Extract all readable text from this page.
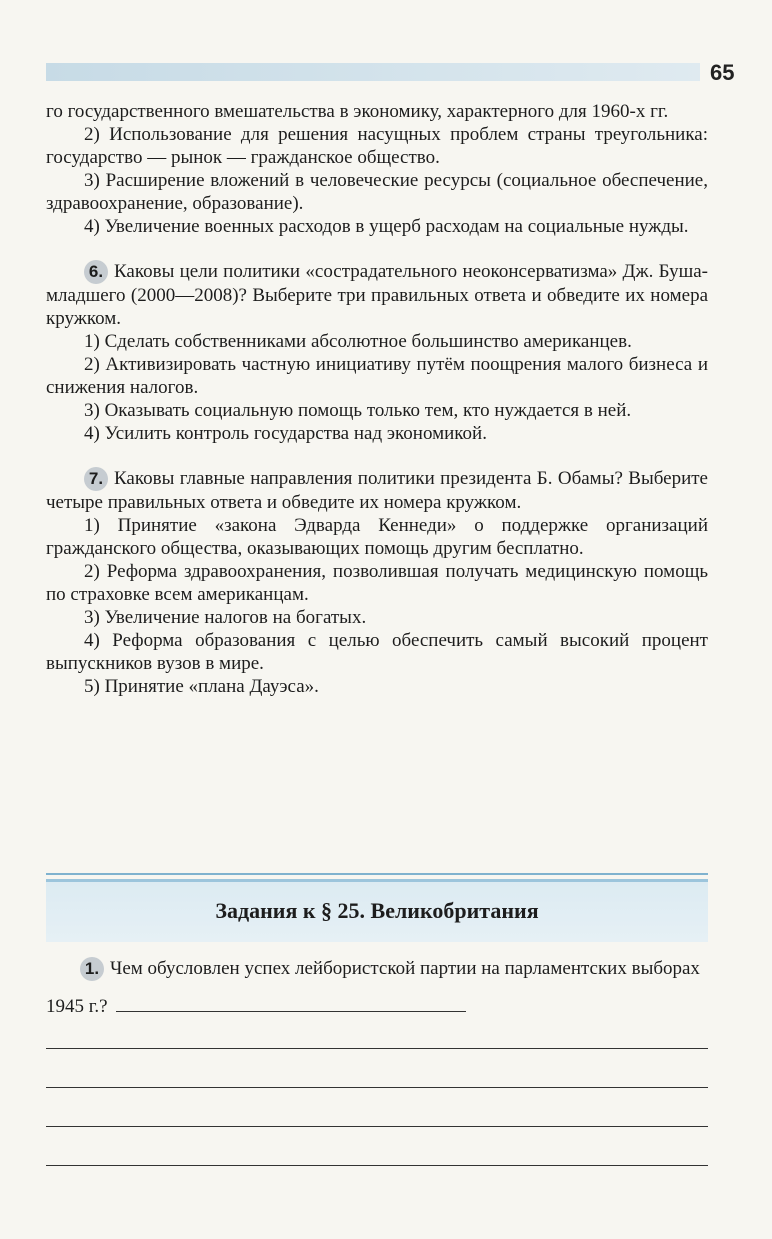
65

го государственного вмешательства в экономику, характерного для 1960-х гг.

2) Использование для решения насущных проблем страны треугольника: государство — рынок — гражданское общество.

3) Расширение вложений в человеческие ресурсы (социальное обеспечение, здравоохранение, образование).

4) Увеличение военных расходов в ущерб расходам на социальные нужды.

6. Каковы цели политики «сострадательного неоконсерватизма» Дж. Буша-младшего (2000—2008)? Выберите три правильных ответа и обведите их номера кружком.

1) Сделать собственниками абсолютное большинство американцев.

2) Активизировать частную инициативу путём поощрения малого бизнеса и снижения налогов.

3) Оказывать социальную помощь только тем, кто нуждается в ней.

4) Усилить контроль государства над экономикой.

7. Каковы главные направления политики президента Б. Обамы? Выберите четыре правильных ответа и обведите их номера кружком.

1) Принятие «закона Эдварда Кеннеди» о поддержке организаций гражданского общества, оказывающих помощь другим бесплатно.

2) Реформа здравоохранения, позволившая получать медицинскую помощь по страховке всем американцам.

3) Увеличение налогов на богатых.

4) Реформа образования с целью обеспечить самый высокий процент выпускников вузов в мире.

5) Принятие «плана Дауэса».

Задания к § 25. Великобритания

1. Чем обусловлен успех лейбористской партии на парламентских выборах 1945 г.?
